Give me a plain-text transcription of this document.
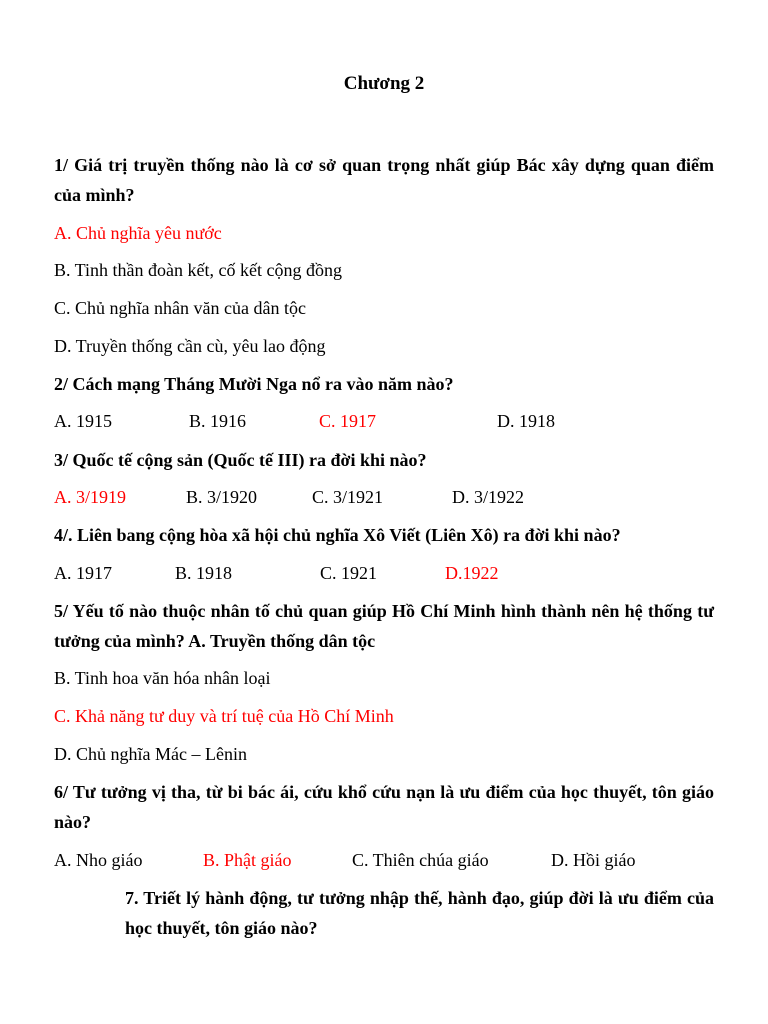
Chương 2
1/ Giá trị truyền thống nào là cơ sở quan trọng nhất giúp Bác xây dựng quan điểm của mình?
A. Chủ nghĩa yêu nước
B. Tinh thần đoàn kết, cố kết cộng đồng
C. Chủ nghĩa nhân văn của dân tộc
D. Truyền thống cần cù, yêu lao động
2/ Cách mạng Tháng Mười Nga nổ ra vào năm nào?
A. 1915	B. 1916	C. 1917	D. 1918
3/ Quốc tế cộng sản (Quốc tế III) ra đời khi nào?
A. 3/1919	B. 3/1920	C. 3/1921	D. 3/1922
4/. Liên bang cộng hòa xã hội chủ nghĩa Xô Viết (Liên Xô) ra đời khi nào?
A. 1917	B. 1918	C. 1921	D.1922
5/ Yếu tố nào thuộc nhân tố chủ quan giúp Hồ Chí Minh hình thành nên hệ thống tư tưởng của mình? A. Truyền thống dân tộc
B. Tinh hoa văn hóa nhân loại
C. Khả năng tư duy và trí tuệ của Hồ Chí Minh
D. Chủ nghĩa Mác – Lênin
6/ Tư tưởng vị tha, từ bi bác ái, cứu khổ cứu nạn là ưu điểm của học thuyết, tôn giáo nào?
A. Nho giáo	B. Phật giáo	C. Thiên chúa giáo	D. Hồi giáo
7. Triết lý hành động, tư tưởng nhập thế, hành đạo, giúp đời là ưu điểm của học thuyết, tôn giáo nào?
